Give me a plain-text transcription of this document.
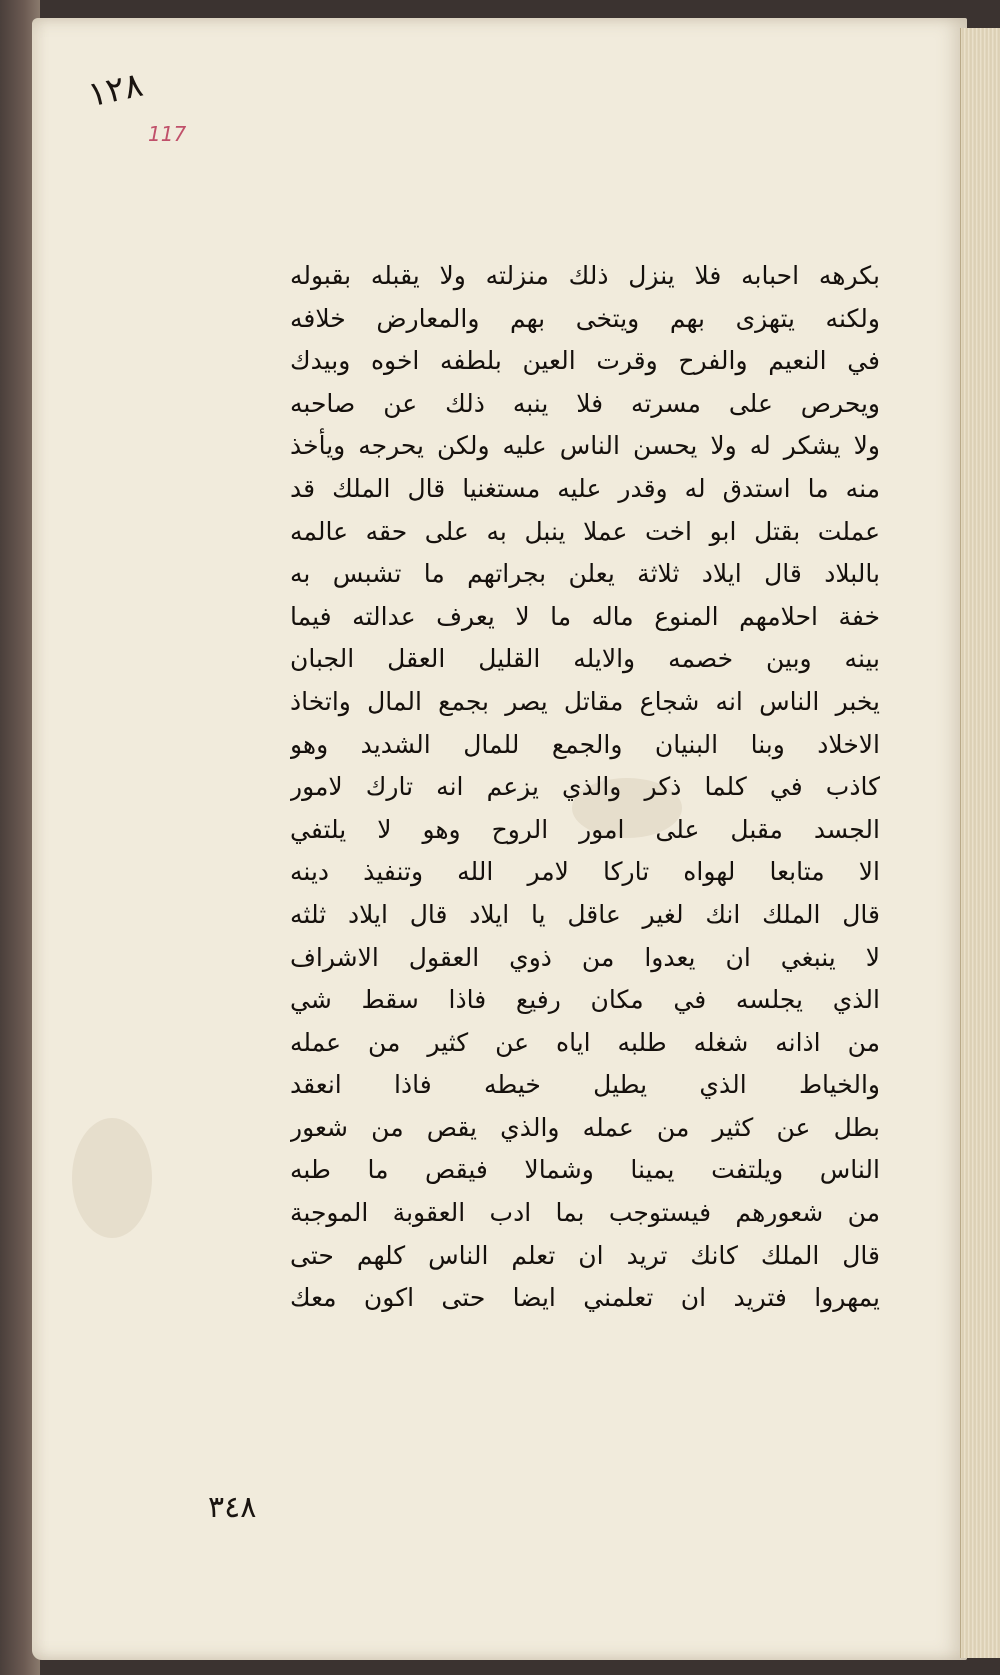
١٢٨
117
بكرهه احبابه فلا ينزل ذلك منزلته ولا يقبله بقبوله
ولكنه يتهزى بهم ويتخى بهم والمعارض خلافه
في النعيم والفرح وقرت العين بلطفه اخوه وبيدك
ويحرص على مسرته فلا ينبه ذلك عن صاحبه
ولا يشكر له ولا يحسن الناس عليه ولكن يحرجه ويأخذ
منه ما استدق له وقدر عليه مستغنيا قال الملك قد
عملت بقتل ابو اخت عملا ينبل به على حقه عالمه
بالبلاد قال ايلاد ثلاثة يعلن بجراتهم ما تشبس به
خفة احلامهم المنوع ماله ما لا يعرف عدالته فيما
بينه وبين خصمه والايله القليل العقل الجبان
يخبر الناس انه شجاع مقاتل يصر بجمع المال واتخاذ
الاخلاد وبنا البنيان والجمع للمال الشديد وهو
كاذب في كلما ذكر والذي يزعم انه تارك لامور
الجسد مقبل على امور الروح وهو لا يلتفي
الا متابعا لهواه تاركا لامر الله وتنفيذ دينه
قال الملك انك لغير عاقل يا ايلاد قال ايلاد ثلثه
لا ينبغي ان يعدوا من ذوي العقول الاشراف
الذي يجلسه في مكان رفيع فاذا سقط شي
من اذانه شغله طلبه اياه عن كثير من عمله
والخياط الذي يطيل خيطه فاذا انعقد
بطل عن كثير من عمله والذي يقص من شعور
الناس ويلتفت يمينا وشمالا فيقص ما طبه
من شعورهم فيستوجب بما ادب العقوبة الموجبة
قال الملك كانك تريد ان تعلم الناس كلهم حتى
يمهروا فتريد ان تعلمني ايضا حتى اكون معك
٣٤٨
